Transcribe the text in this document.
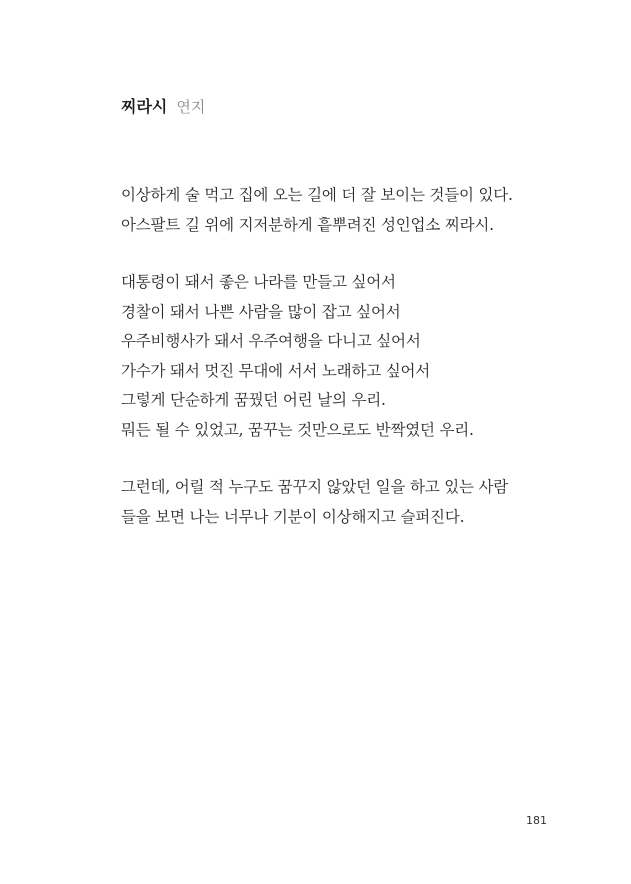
찌라시 연지
이상하게 술 먹고 집에 오는 길에 더 잘 보이는 것들이 있다.
아스팔트 길 위에 지저분하게 흩뿌려진 성인업소 찌라시.
대통령이 돼서 좋은 나라를 만들고 싶어서
경찰이 돼서 나쁜 사람을 많이 잡고 싶어서
우주비행사가 돼서 우주여행을 다니고 싶어서
가수가 돼서 멋진 무대에 서서 노래하고 싶어서
그렇게 단순하게 꿈꿨던 어린 날의 우리.
뭐든 될 수 있었고, 꿈꾸는 것만으로도 반짝였던 우리.
그런데, 어릴 적 누구도 꿈꾸지 않았던 일을 하고 있는 사람
들을 보면 나는 너무나 기분이 이상해지고 슬퍼진다.
181
